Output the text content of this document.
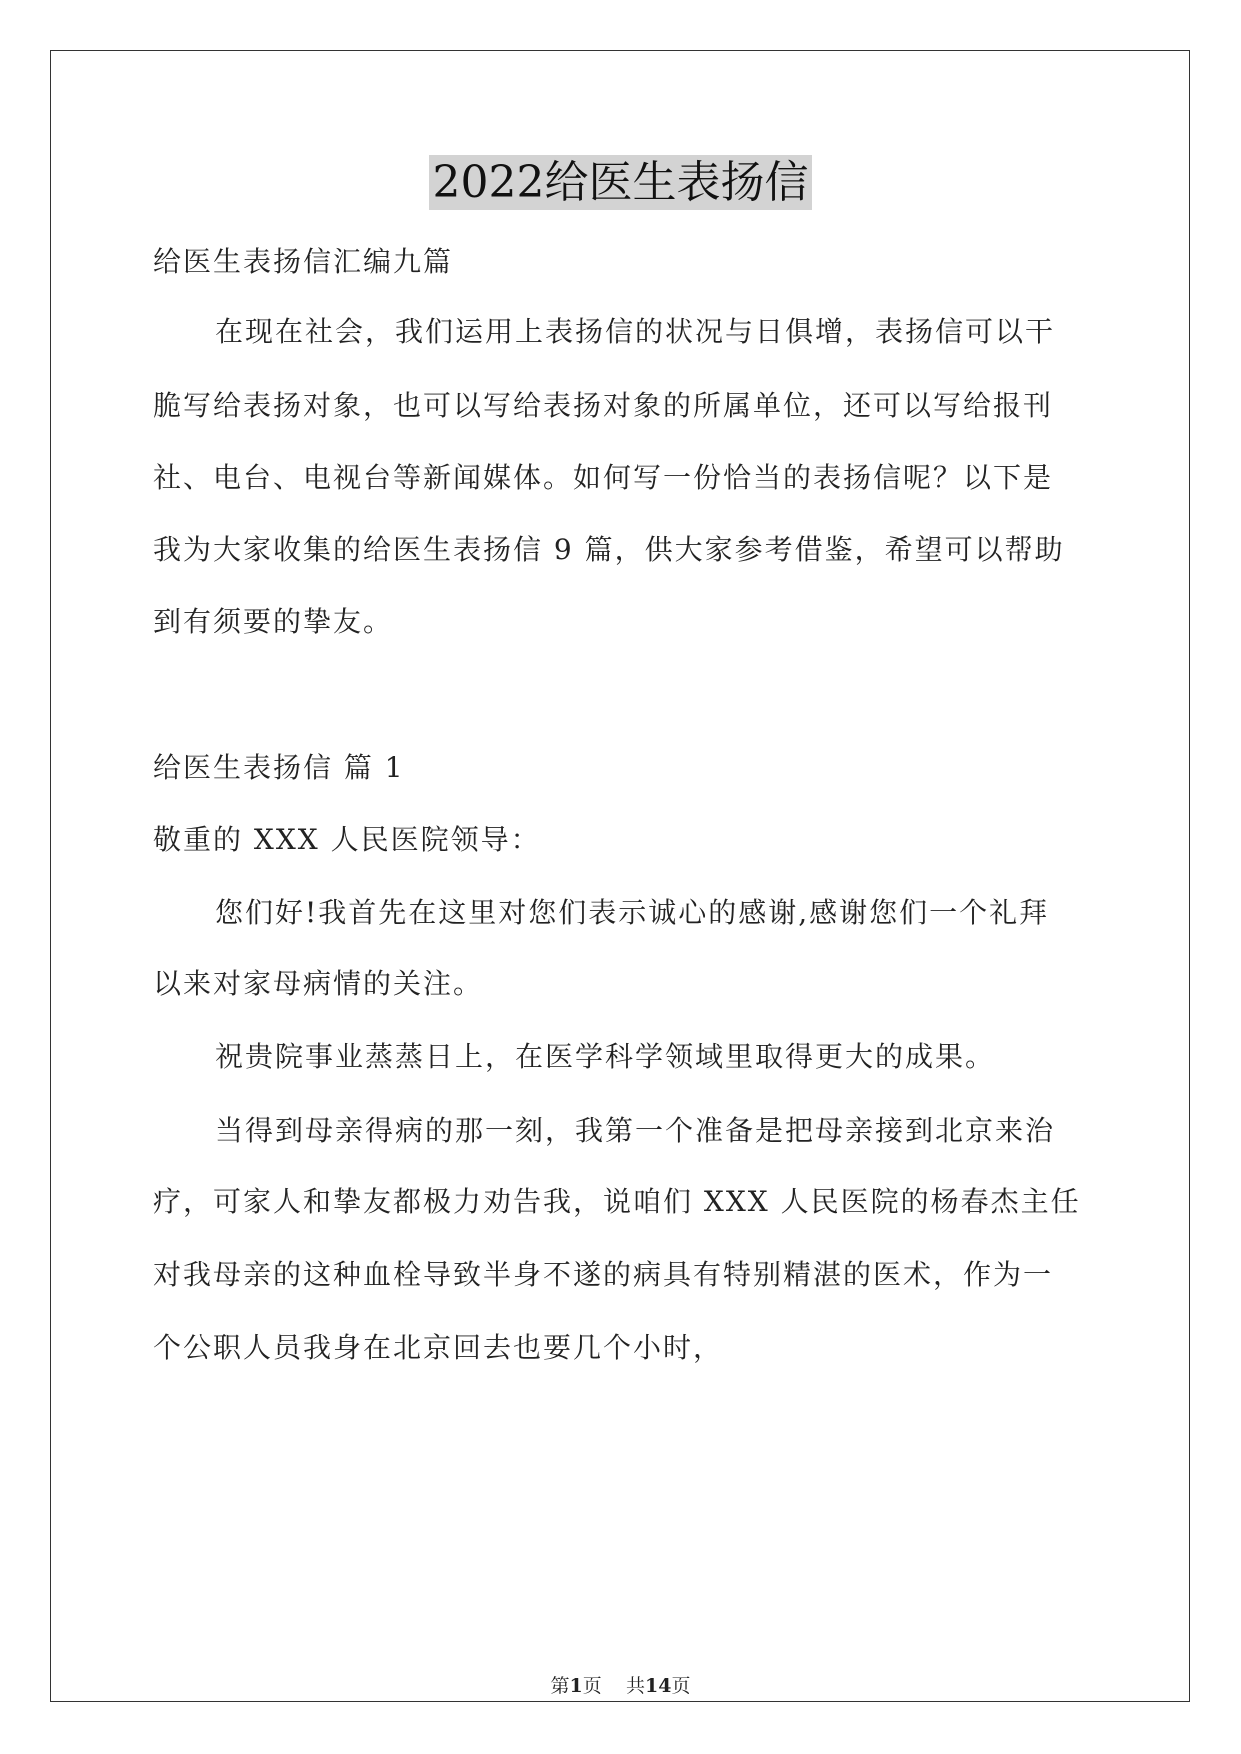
2022给医生表扬信

给医生表扬信汇编九篇

在现在社会，我们运用上表扬信的状况与日俱增，表扬信可以干

脆写给表扬对象，也可以写给表扬对象的所属单位，还可以写给报刊

社、电台、电视台等新闻媒体。如何写一份恰当的表扬信呢？以下是

我为大家收集的给医生表扬信 9 篇，供大家参考借鉴，希望可以帮助

到有须要的挚友。

给医生表扬信 篇 1

敬重的 XXX 人民医院领导：

您们好!我首先在这里对您们表示诚心的感谢,感谢您们一个礼拜

以来对家母病情的关注。

祝贵院事业蒸蒸日上，在医学科学领域里取得更大的成果。

当得到母亲得病的那一刻，我第一个准备是把母亲接到北京来治

疗，可家人和挚友都极力劝告我，说咱们 XXX 人民医院的杨春杰主任

对我母亲的这种血栓导致半身不遂的病具有特别精湛的医术，作为一

个公职人员我身在北京回去也要几个小时，

第1页 共14页
